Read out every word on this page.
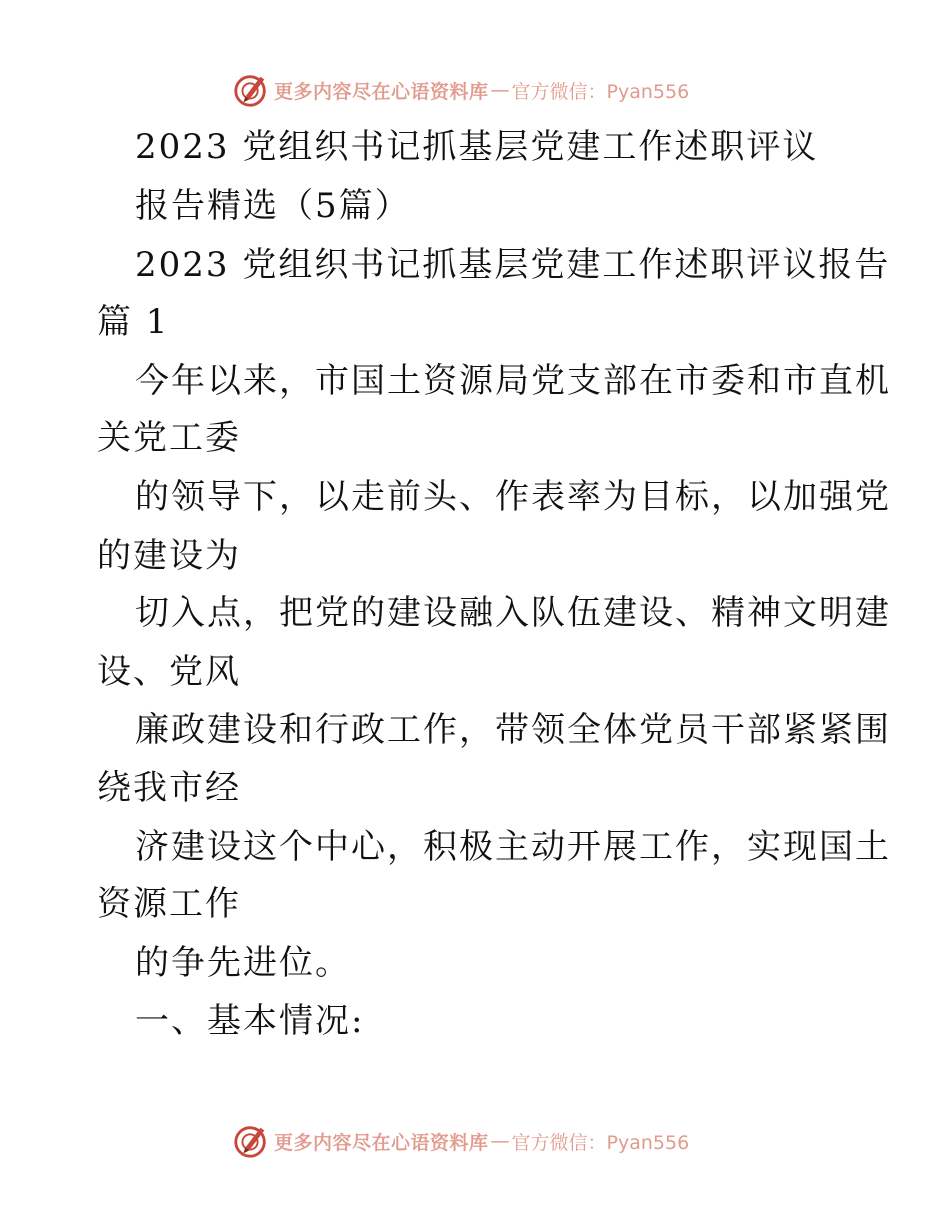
更多内容尽在心语资料库 — 官方微信：Pyan556
2023 党组织书记抓基层党建工作述职评议
报告精选（5篇）
2023 党组织书记抓基层党建工作述职评议报告
篇 1
今年以来，市国土资源局党支部在市委和市直机
关党工委
的领导下，以走前头、作表率为目标，以加强党
的建设为
切入点，把党的建设融入队伍建设、精神文明建
设、党风
廉政建设和行政工作，带领全体党员干部紧紧围
绕我市经
济建设这个中心，积极主动开展工作，实现国土
资源工作
的争先进位。
一、基本情况:
更多内容尽在心语资料库 — 官方微信：Pyan556
